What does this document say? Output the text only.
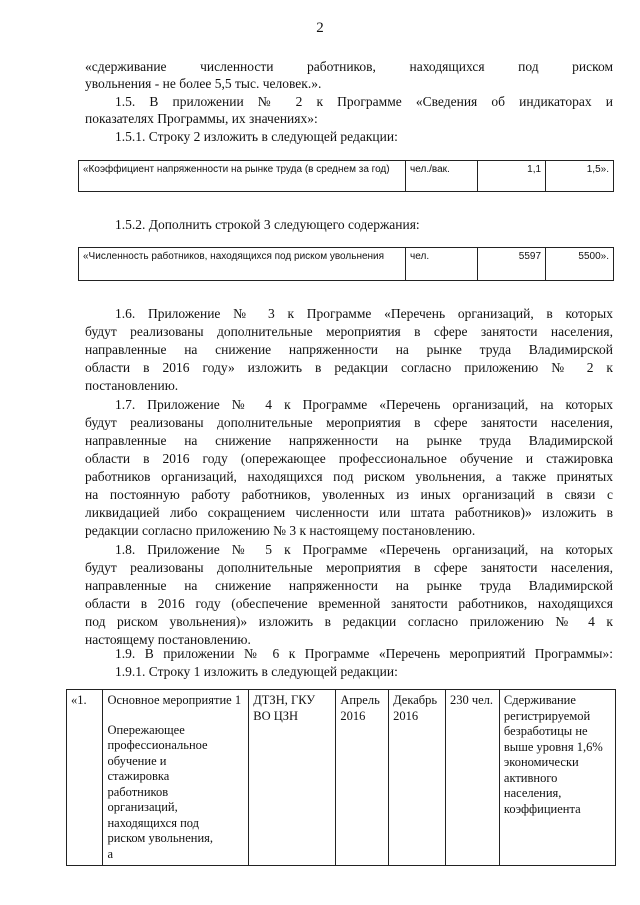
2
«сдерживание численности работников, находящихся под риском
увольнения - не более 5,5 тыс. человек.».
1.5. В приложении № 2 к Программе «Сведения об индикаторах и
показателях Программы, их значениях»:
1.5.1. Строку 2 изложить в следующей редакции:
«Коэффициент напряженности на рынке труда (в среднем за год)	чел./вак.	1,1	1,5».
1.5.2. Дополнить строкой 3 следующего содержания:
«Численность работников, находящихся под риском увольнения	чел.	5597	5500».
1.6. Приложение № 3 к Программе «Перечень организаций, в которых
будут реализованы дополнительные мероприятия в сфере занятости населения,
направленные на снижение напряженности на рынке труда Владимирской
области в 2016 году» изложить в редакции согласно приложению № 2 к
постановлению.
1.7. Приложение № 4 к Программе «Перечень организаций, на которых
будут реализованы дополнительные мероприятия в сфере занятости населения,
направленные на снижение напряженности на рынке труда Владимирской
области в 2016 году (опережающее профессиональное обучение и стажировка
работников организаций, находящихся под риском увольнения, а также принятых
на постоянную работу работников, уволенных из иных организаций в связи с
ликвидацией либо сокращением численности или штата работников)» изложить в
редакции согласно приложению № 3 к настоящему постановлению.
1.8. Приложение № 5 к Программе «Перечень организаций, на которых
будут реализованы дополнительные мероприятия в сфере занятости населения,
направленные на снижение напряженности на рынке труда Владимирской
области в 2016 году (обеспечение временной занятости работников, находящихся
под риском увольнения)» изложить в редакции согласно приложению № 4 к
настоящему постановлению.
1.9. В приложении № 6 к Программе «Перечень мероприятий Программы»:
1.9.1. Строку 1 изложить в следующей редакции:
«1.	Основное мероприятие 1
Опережающее профессиональное обучение и стажировка работников организаций, находящихся под риском увольнения, а
	ДТЗН, ГКУ ВО ЦЗН	Апрель 2016	Декабрь 2016	230 чел.	Сдерживание регистрируемой безработицы не выше уровня 1,6% экономически активного населения, коэффициента
